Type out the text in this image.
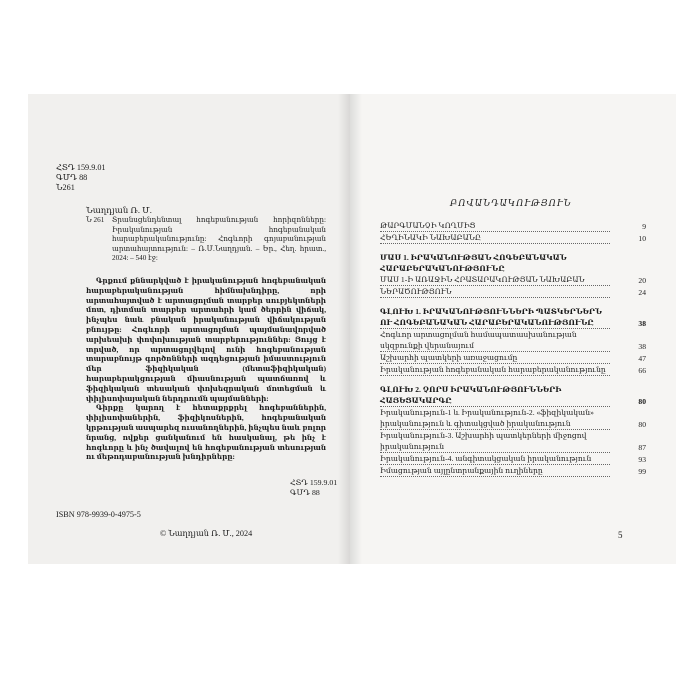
ՀՏԴ 159.9.01
ԳՄԴ 88
Ն261
Նաղդյան Ռ. Մ.
Ն 261 Տրանսցենդենտալ հոգեբանության հորիզոնները: Իրականության հոգեբանական հարաբերականությունը: Հոգևորի գոյաբանության արտահայտություն: – Ռ.Մ.Նաղդյան. – Եր., Հեղ. հրատ., 2024: – 540 էջ:
Գրքում քննարկված է իրականության հոգեբանական հարաբերականության հիմնախնդիրը, որի արտահայտված է արտացոլման տարբեր սուբյեկտների մոտ, դիտման տարբեր արտահրի կամ ծերրին վիճակ, ինչպես նաև բնական իրականության վիճակության բնույթը: Հոգևորի արտացոլման պայմանավորված արխեախի փոփոխության տարբերություններ: Յույց է տրված, որ արտացոլվելով ունի հոգեբանության տարաբնույթ գործոնների ազդեցության իմաստություն մեր ֆիզիկական (մետաֆիզիկական) հարաբերակցության միասնության պատճառով և ֆիզիկական տեսական փոխեզրական մոտեցման և փիլիսոփայական ներդրումն պայմանների:
Գիրքը կարող է հետաքրքրել հոգեբաններին, փիլիսոփաներին, ֆիզիկոսներին, հոգեբանական կրթության ասպարեզ ուսանողներին, ինչպես նաև բոլոր նրանց, ովքեր ցանկանում են հասկանալ, թե ինչ է հոգևորը և ինչ ծավալով են հոգեբանության տեսության ու մեթոդաբանության խնդիրները:
ՀՏԴ 159.9.01
ԳՄԴ 88
ISBN 978-9939-0-4975-5
© Նաղդյան Ռ. Մ., 2024
ԲՈՎԱՆԴԱԿՈՒԹՅՈՒՆ
ԹԱՐԳՄԱՆՉԻ ԿՈՂՄԻՑ	9
ՀԵՂԻՆԱԿԻ ՆԱԽԱԲԱՆԸ	10
ՄԱՍ 1. ԻՐԱԿԱՆՈՒԹՅԱՆ ՀՈԳԵԲԱՆԱԿԱՆ ՀԱՐԱԲԵՐԱԿԱՆՈՒԹՅՈՒՆԸ
ՄԱՍ 1-Ի ԱՌԱՋԻՆ ՀՐԱՏԱՐԱԿՈՒԹՅԱՆ ՆԱԽԱԲԱՆ	20
ՆԵՐԱԾՈՒԹՅՈՒՆ	24
ԳԼՈՒԽ 1. ԻՐԱԿԱՆՈՒԹՅՈՒՆՆԵՐԻ ՊԱՏԿԵՐՆԵՐՆ ՈՒ ՀՈԳԵԲԱՆԱԿԱՆ ՀԱՐԱԲԵՐԱԿԱՆՈՒԹՅՈՒՆԸ	38
Հոգևոր արտացոլման համապատասխանության սկզբունքի վերանայում	38
Աշխարհի պատկերի առաջացումը	47
Իրականության հոգեբանական հարաբերականությունը	66
ԳԼՈՒԽ 2. ՉՈՐՍ ԻՐԱԿԱՆՈՒԹՅՈՒՆՆԵՐԻ ՀԱՅԵՑԱԿԱՐԳԸ	80
Իրականություն-1 և Իրականություն-2. «ֆիզիկական» իրականություն և գիտակցված իրականություն	80
Իրականություն-3. Աշխարհի պատկերների միջոցով իրականություն	87
Իրականություն-4. անգիտակցական իրականություն	93
Իմացության այլընտրանքային ուղիները	99
5
